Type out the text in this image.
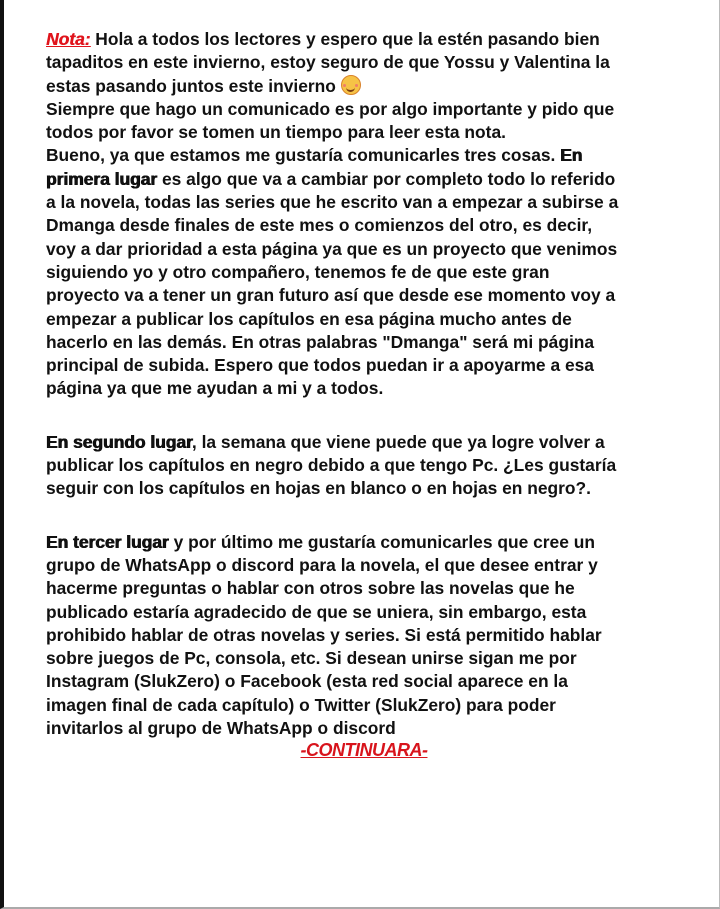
Nota: Hola a todos los lectores y espero que la estén pasando bien
tapaditos en este invierno, estoy seguro de que Yossu y Valentina la
estas pasando juntos este invierno
Siempre que hago un comunicado es por algo importante y pido que
todos por favor se tomen un tiempo para leer esta nota.
Bueno, ya que estamos me gustaría comunicarles tres cosas. En
primera lugar es algo que va a cambiar por completo todo lo referido
a la novela, todas las series que he escrito van a empezar a subirse a
Dmanga desde finales de este mes o comienzos del otro, es decir,
voy a dar prioridad a esta página ya que es un proyecto que venimos
siguiendo yo y otro compañero, tenemos fe de que este gran
proyecto va a tener un gran futuro así que desde ese momento voy a
empezar a publicar los capítulos en esa página mucho antes de
hacerlo en las demás. En otras palabras "Dmanga" será mi página
principal de subida. Espero que todos puedan ir a apoyarme a esa
página ya que me ayudan a mi y a todos.
En segundo lugar, la semana que viene puede que ya logre volver a
publicar los capítulos en negro debido a que tengo Pc. ¿Les gustaría
seguir con los capítulos en hojas en blanco o en hojas en negro?.
En tercer lugar y por último me gustaría comunicarles que cree un
grupo de WhatsApp o discord para la novela, el que desee entrar y
hacerme preguntas o hablar con otros sobre las novelas que he
publicado estaría agradecido de que se uniera, sin embargo, esta
prohibido hablar de otras novelas y series. Si está permitido hablar
sobre juegos de Pc, consola, etc. Si desean unirse sigan me por
Instagram (SlukZero) o Facebook (esta red social aparece en la
imagen final de cada capítulo) o Twitter (SlukZero) para poder
invitarlos al grupo de WhatsApp o discord
-CONTINUARA-
